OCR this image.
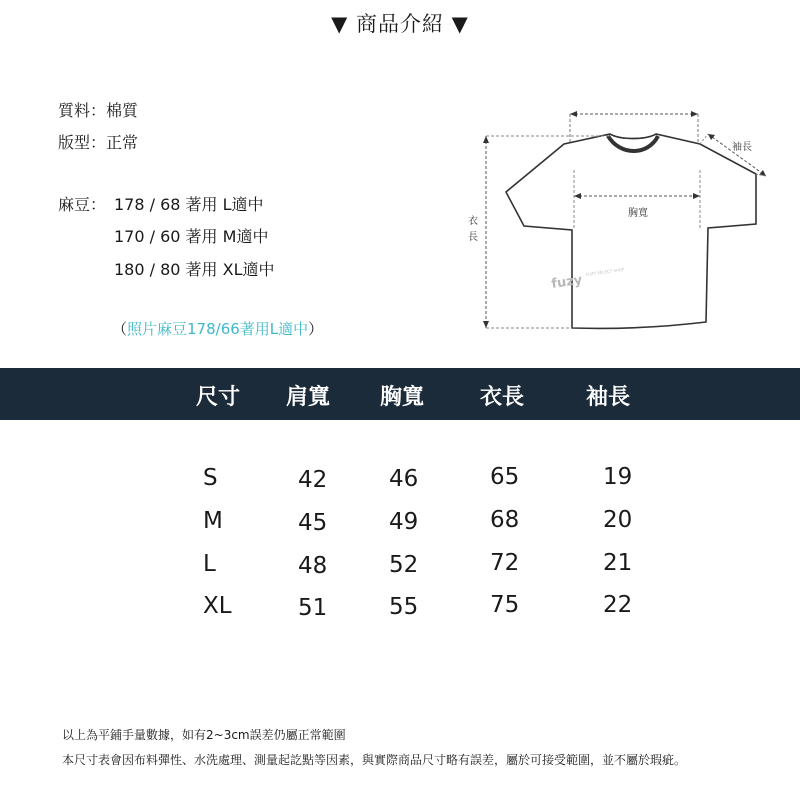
▼ 商品介紹 ▼
質料：棉質
版型：正常
麻豆： 178 / 68 著用 L適中
170 / 60 著用 M適中
180 / 80 著用 XL適中
（照片麻豆178/66著用L適中）
胸寬
衣
長
袖長
fuzy
FUZY SELECT SHOP
尺寸 肩寬 胸寬	衣長	袖長
S	42	46	65	19
M	45	49	68	20
L	48	52	72	21
XL	51	55	75	22
以上為平鋪手量數據，如有2~3cm誤差仍屬正常範圍
本尺寸表會因布料彈性、水洗處理、測量起訖點等因素，與實際商品尺寸略有誤差，屬於可接受範圍，並不屬於瑕疵。
